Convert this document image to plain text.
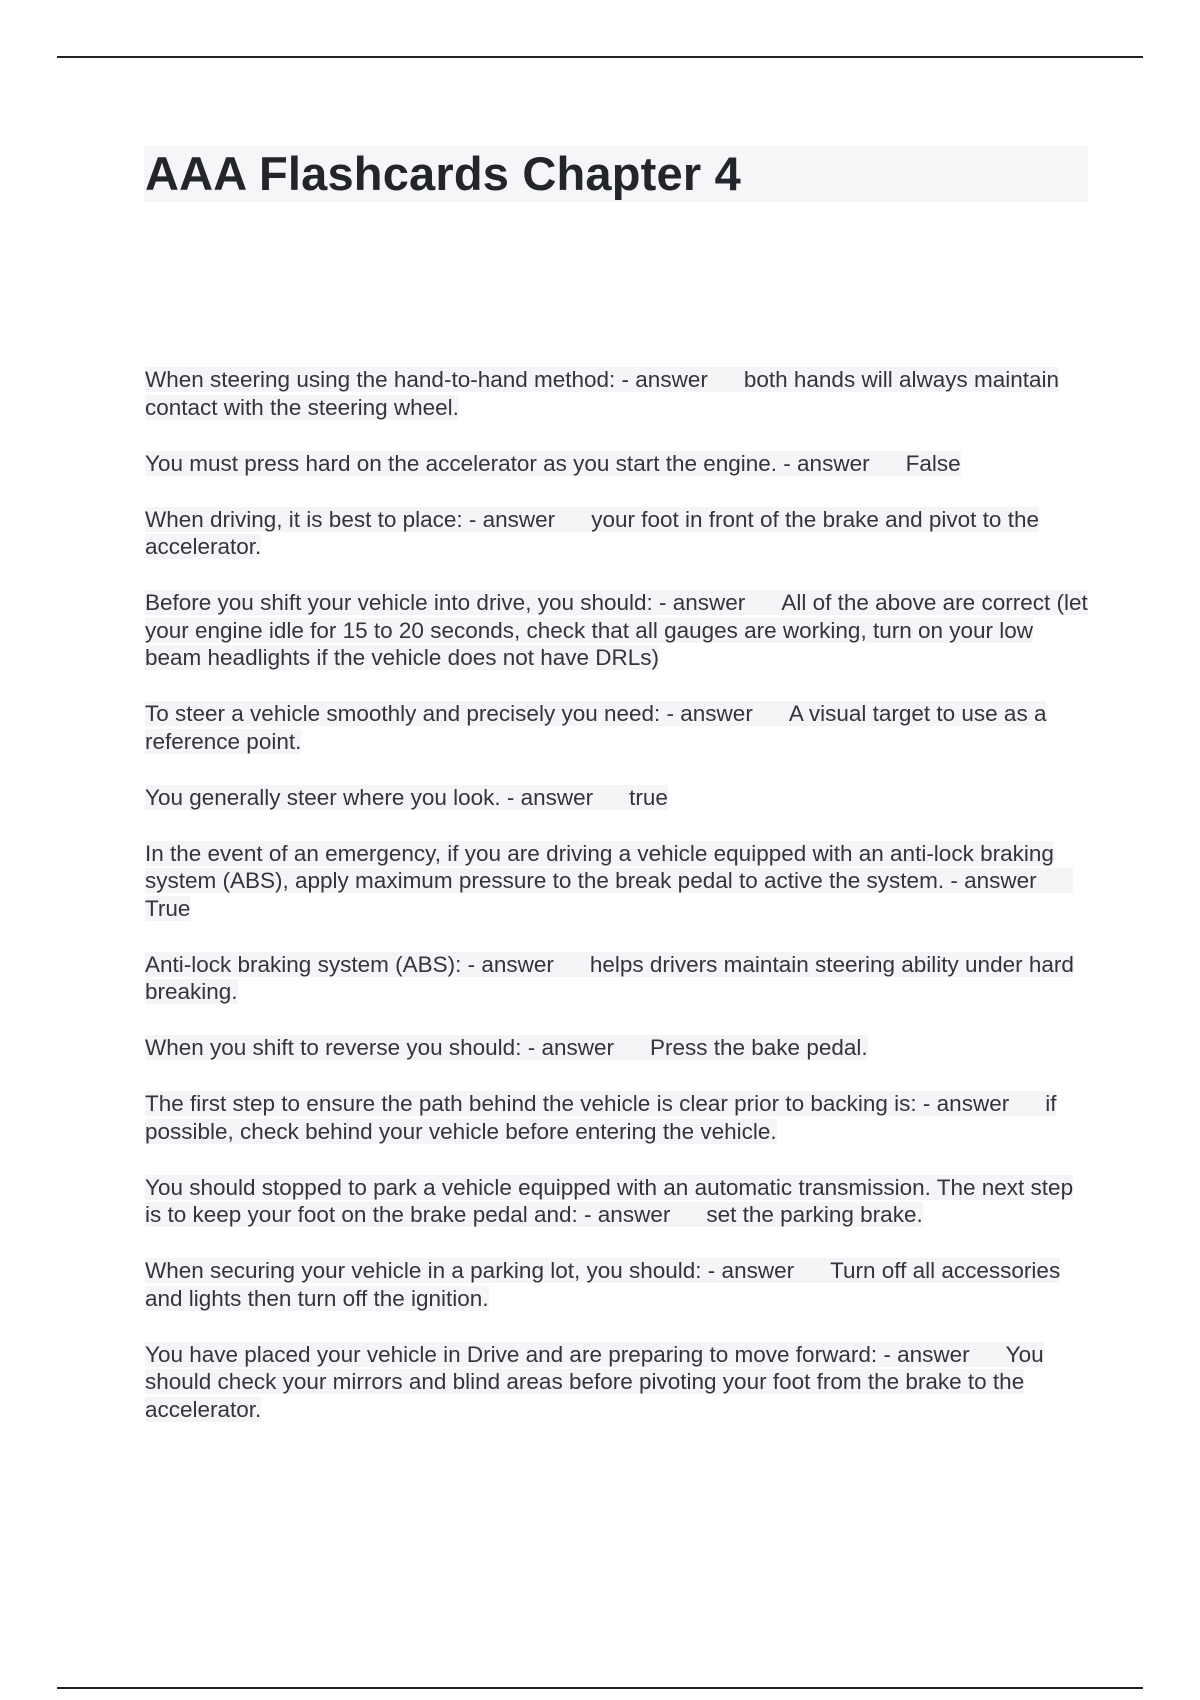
AAA Flashcards Chapter 4

When steering using the hand-to-hand method: - answer both hands will always maintain contact with the steering wheel.

You must press hard on the accelerator as you start the engine. - answer False

When driving, it is best to place: - answer your foot in front of the brake and pivot to the accelerator.

Before you shift your vehicle into drive, you should: - answer All of the above are correct (let your engine idle for 15 to 20 seconds, check that all gauges are working, turn on your low beam headlights if the vehicle does not have DRLs)

To steer a vehicle smoothly and precisely you need: - answer A visual target to use as a reference point.

You generally steer where you look. - answer true

In the event of an emergency, if you are driving a vehicle equipped with an anti-lock braking system (ABS), apply maximum pressure to the break pedal to active the system. - answerTrue

Anti-lock braking system (ABS): - answer helps drivers maintain steering ability under hard breaking.

When you shift to reverse you should: - answer Press the bake pedal.

The first step to ensure the path behind the vehicle is clear prior to backing is: - answer if possible, check behind your vehicle before entering the vehicle.

You should stopped to park a vehicle equipped with an automatic transmission. The next step is to keep your foot on the brake pedal and: - answer set the parking brake.

When securing your vehicle in a parking lot, you should: - answer Turn off all accessories and lights then turn off the ignition.

You have placed your vehicle in Drive and are preparing to move forward: - answer You should check your mirrors and blind areas before pivoting your foot from the brake to the accelerator.
